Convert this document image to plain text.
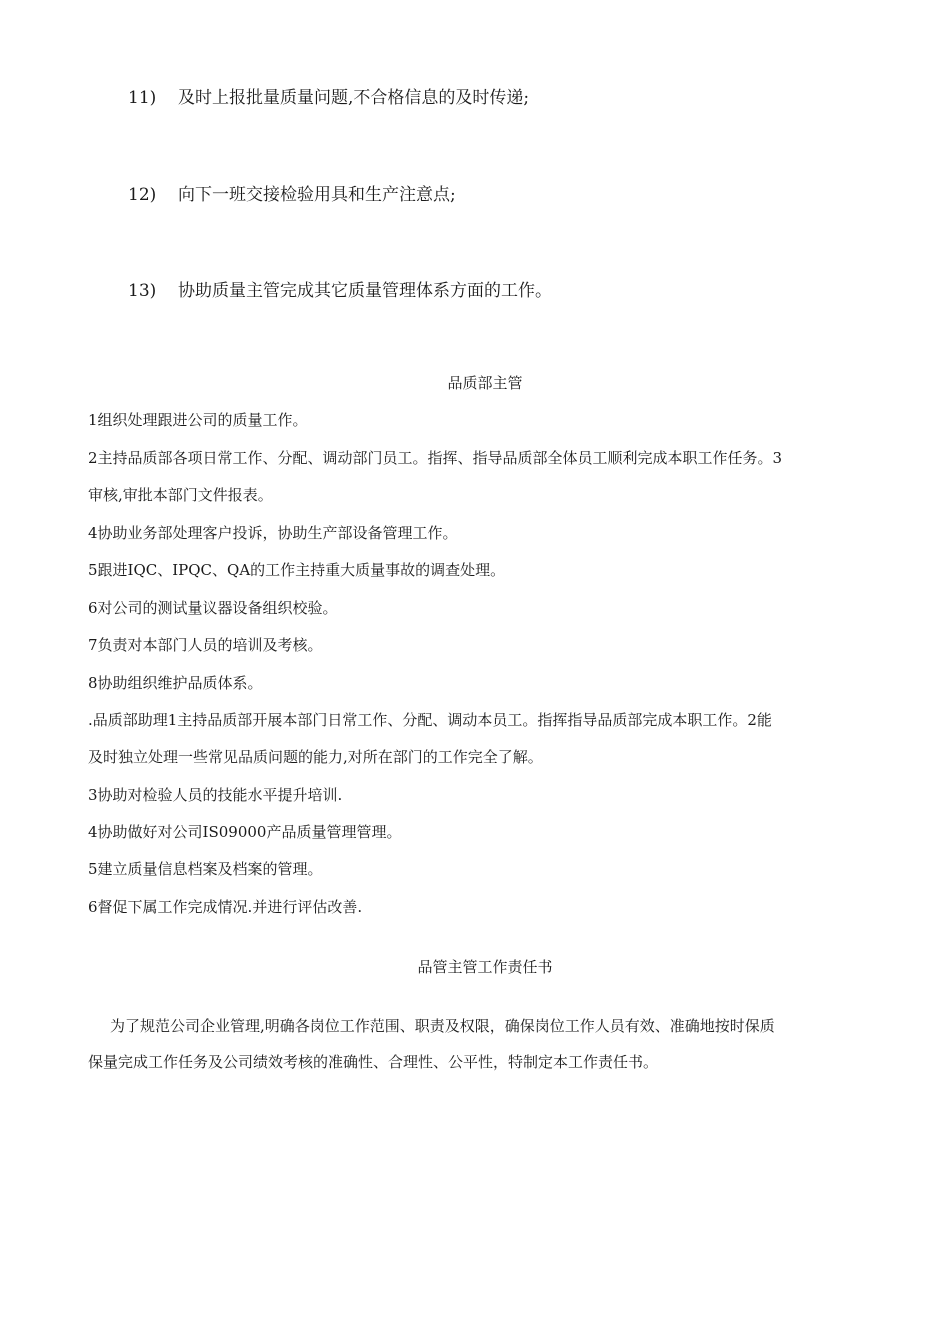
11) 及时上报批量质量问题,不合格信息的及时传递;
12) 向下一班交接检验用具和生产注意点;
13) 协助质量主管完成其它质量管理体系方面的工作。
品质部主管
1组织处理跟进公司的质量工作。
2主持品质部各项日常工作、分配、调动部门员工。指挥、指导品质部全体员工顺利完成本职工作任务。3
审核,审批本部门文件报表。
4协助业务部处理客户投诉，协助生产部设备管理工作。
5跟进IQC、IPQC、QA的工作主持重大质量事故的调查处理。
6对公司的测试量议器设备组织校验。
7负责对本部门人员的培训及考核。
8协助组织维护品质体系。
.品质部助理1主持品质部开展本部门日常工作、分配、调动本员工。指挥指导品质部完成本职工作。2能
及时独立处理一些常见品质问题的能力,对所在部门的工作完全了解。
3协助对检验人员的技能水平提升培训.
4协助做好对公司IS09000产品质量管理管理。
5建立质量信息档案及档案的管理。
6督促下属工作完成情况.并进行评估改善.
品管主管工作责任书
为了规范公司企业管理,明确各岗位工作范围、职责及权限，确保岗位工作人员有效、准确地按时保质
保量完成工作任务及公司绩效考核的准确性、合理性、公平性，特制定本工作责任书。
